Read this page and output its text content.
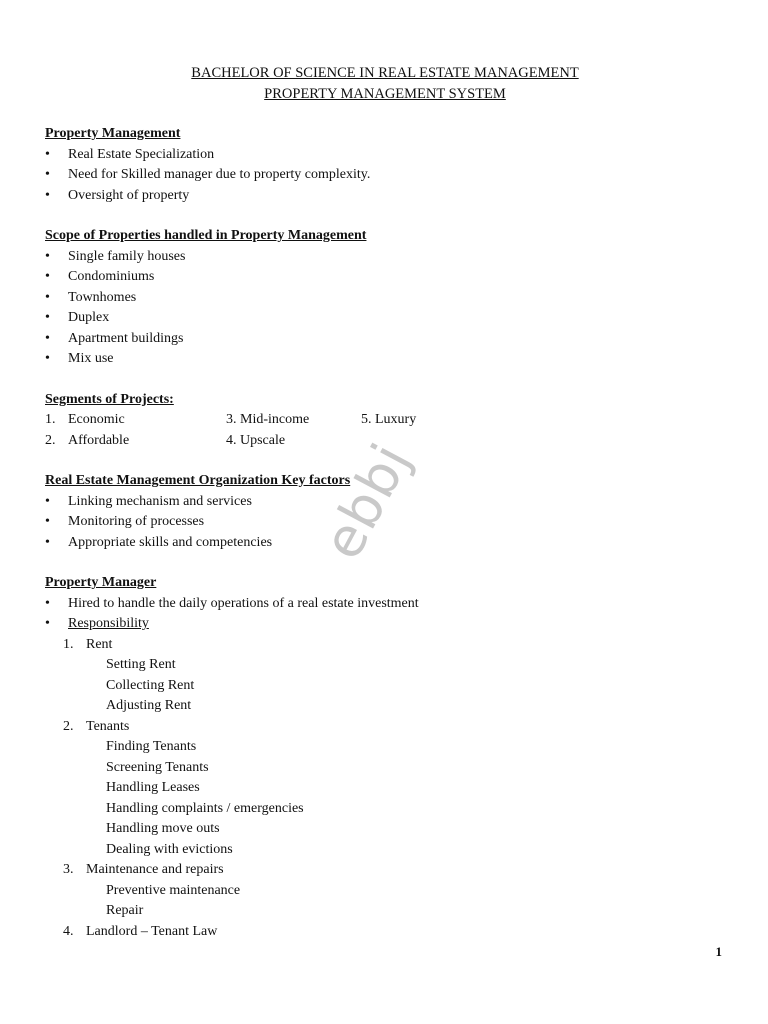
BACHELOR OF SCIENCE IN REAL ESTATE MANAGEMENT

PROPERTY MANAGEMENT SYSTEM

Property Management

• Real Estate Specialization
• Need for Skilled manager due to property complexity.
• Oversight of property

Scope of Properties handled in Property Management

• Single family houses
• Condominiums
• Townhomes
• Duplex
• Apartment buildings
• Mix use

Segments of Projects:

1. Economic	3. Mid-income	5. Luxury
2. Affordable	4. Upscale

Real Estate Management Organization Key factors

• Linking mechanism and services
• Monitoring of processes
• Appropriate skills and competencies

Property Manager

• Hired to handle the daily operations of a real estate investment
• Responsibility
1. Rent
Setting Rent
Collecting Rent
Adjusting Rent
2. Tenants
Finding Tenants
Screening Tenants
Handling Leases
Handling complaints / emergencies
Handling move outs
Dealing with evictions
3. Maintenance and repairs
Preventive maintenance
Repair
4. Landlord – Tenant Law
ebbj
1
